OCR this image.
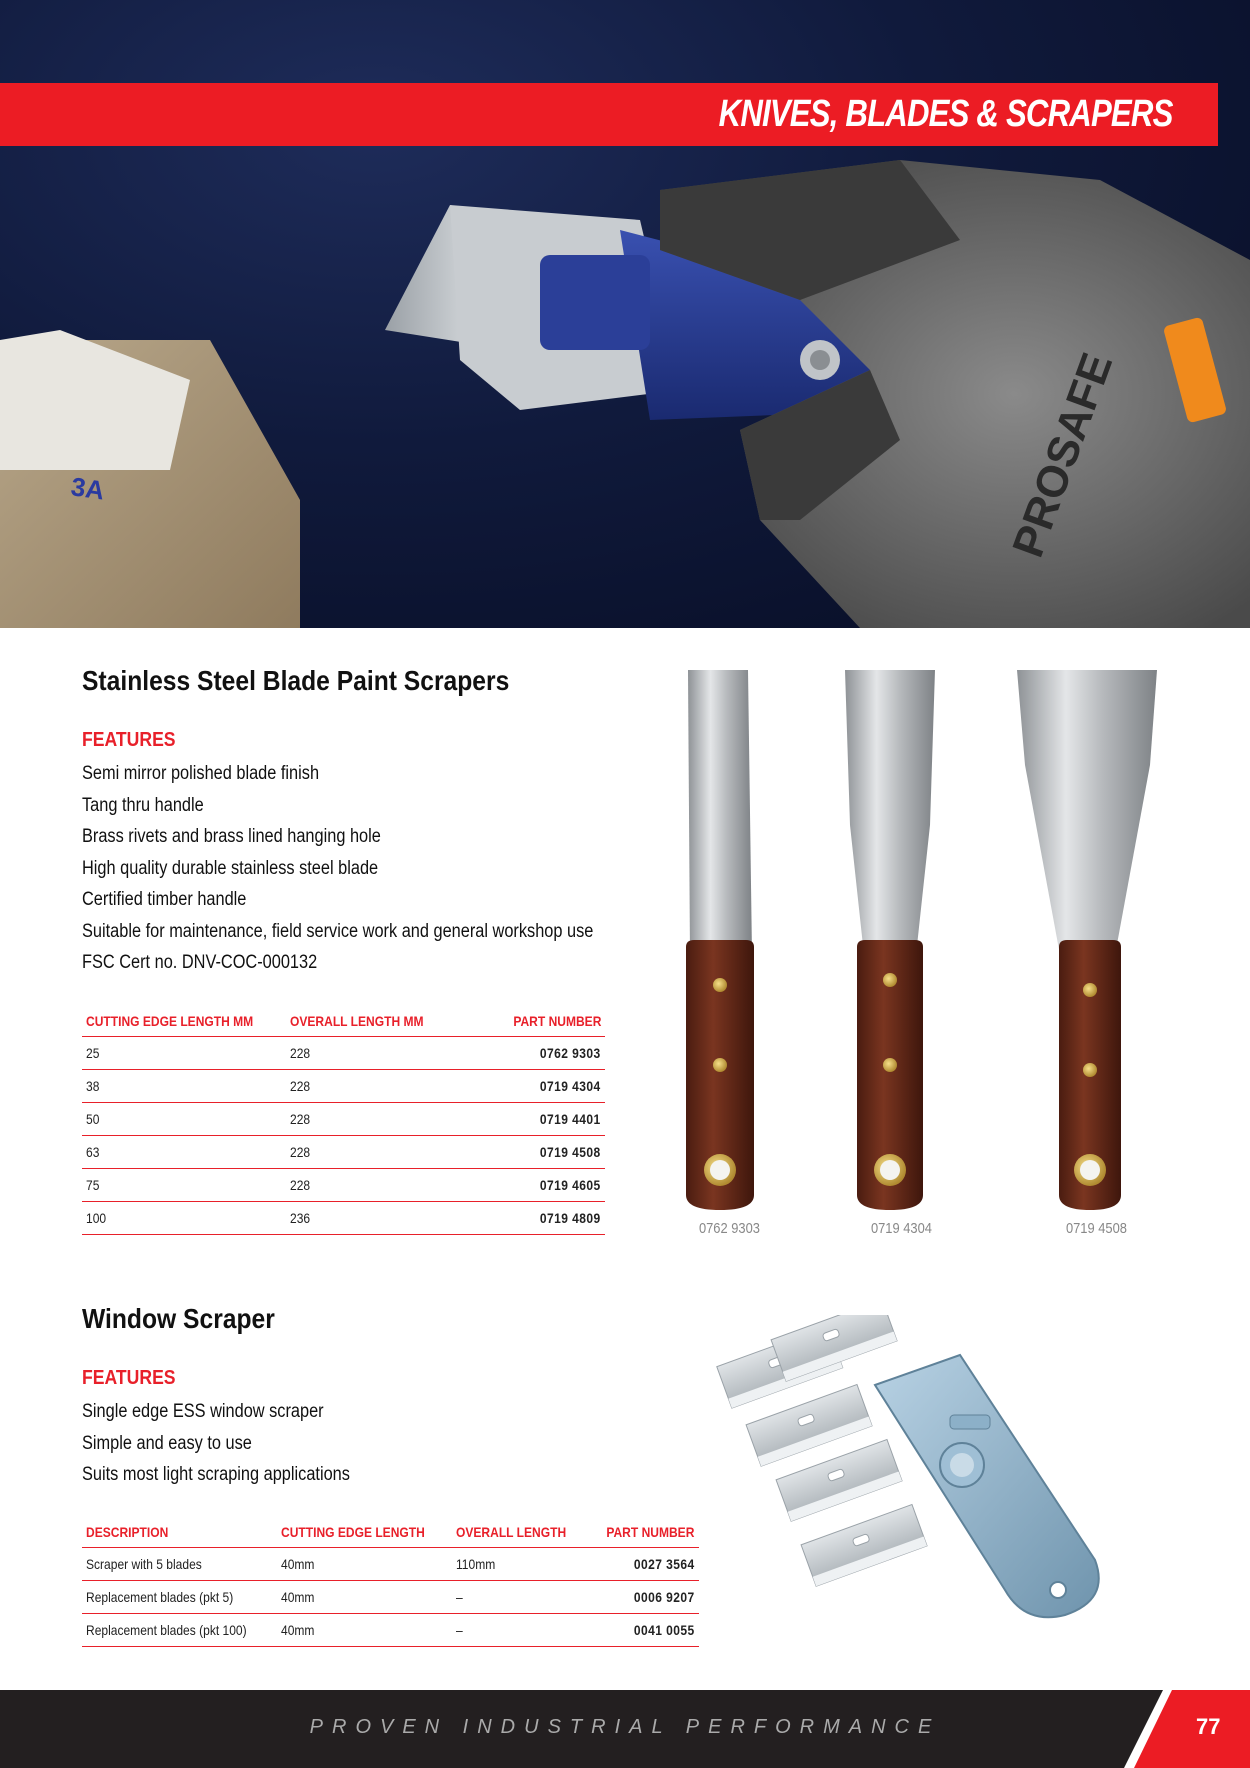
3A	PROSAFE
KNIVES, BLADES & SCRAPERS
Stainless Steel Blade Paint Scrapers
FEATURES
Semi mirror polished blade finish
Tang thru handle
Brass rivets and brass lined hanging hole
High quality durable stainless steel blade
Certified timber handle
Suitable for maintenance, field service work and general workshop use
FSC Cert no. DNV-COC-000132
CUTTING EDGE LENGTH MM	OVERALL LENGTH MM	PART NUMBER
25	228	0762 9303
38	228	0719 4304
50	228	0719 4401
63	228	0719 4508
75	228	0719 4605
100	236	0719 4809
0762 9303	0719 4304	0719 4508
Window Scraper
FEATURES
Single edge ESS window scraper
Simple and easy to use
Suits most light scraping applications
DESCRIPTION	CUTTING EDGE LENGTH	OVERALL LENGTH	PART NUMBER
Scraper with 5 blades	40mm	110mm	0027 3564
Replacement blades (pkt 5)	40mm	–	0006 9207
Replacement blades (pkt 100)	40mm	–	0041 0055
PROVEN INDUSTRIAL PERFORMANCE	77
